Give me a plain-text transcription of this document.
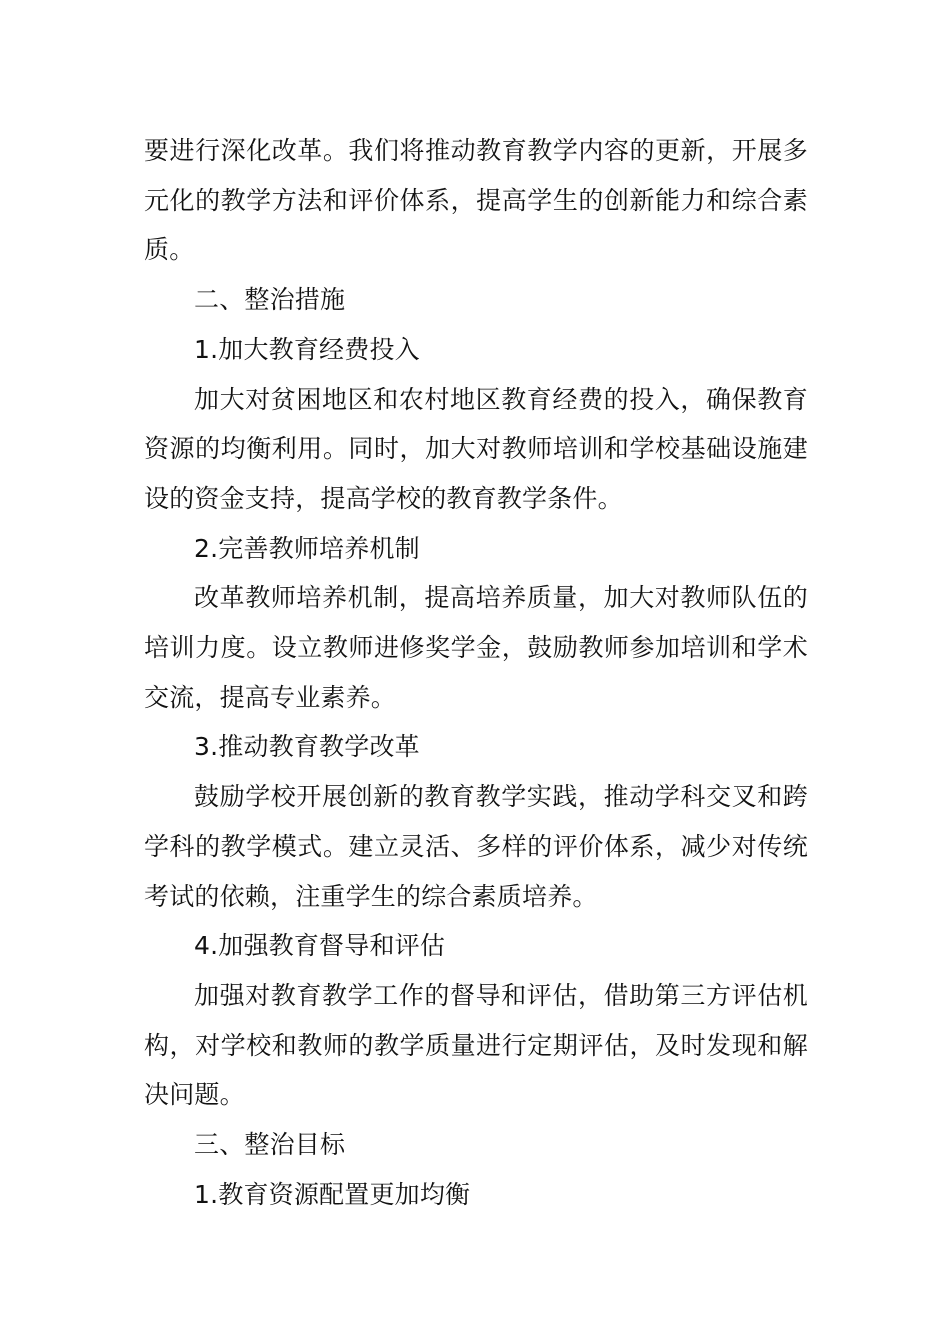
要进行深化改革。我们将推动教育教学内容的更新，开展多元化的教学方法和评价体系，提高学生的创新能力和综合素质。

二、整治措施

1.加大教育经费投入

加大对贫困地区和农村地区教育经费的投入，确保教育资源的均衡利用。同时，加大对教师培训和学校基础设施建设的资金支持，提高学校的教育教学条件。

2.完善教师培养机制

改革教师培养机制，提高培养质量，加大对教师队伍的培训力度。设立教师进修奖学金，鼓励教师参加培训和学术交流，提高专业素养。

3.推动教育教学改革

鼓励学校开展创新的教育教学实践，推动学科交叉和跨学科的教学模式。建立灵活、多样的评价体系，减少对传统考试的依赖，注重学生的综合素质培养。

4.加强教育督导和评估

加强对教育教学工作的督导和评估，借助第三方评估机构，对学校和教师的教学质量进行定期评估，及时发现和解决问题。

三、整治目标

1.教育资源配置更加均衡
